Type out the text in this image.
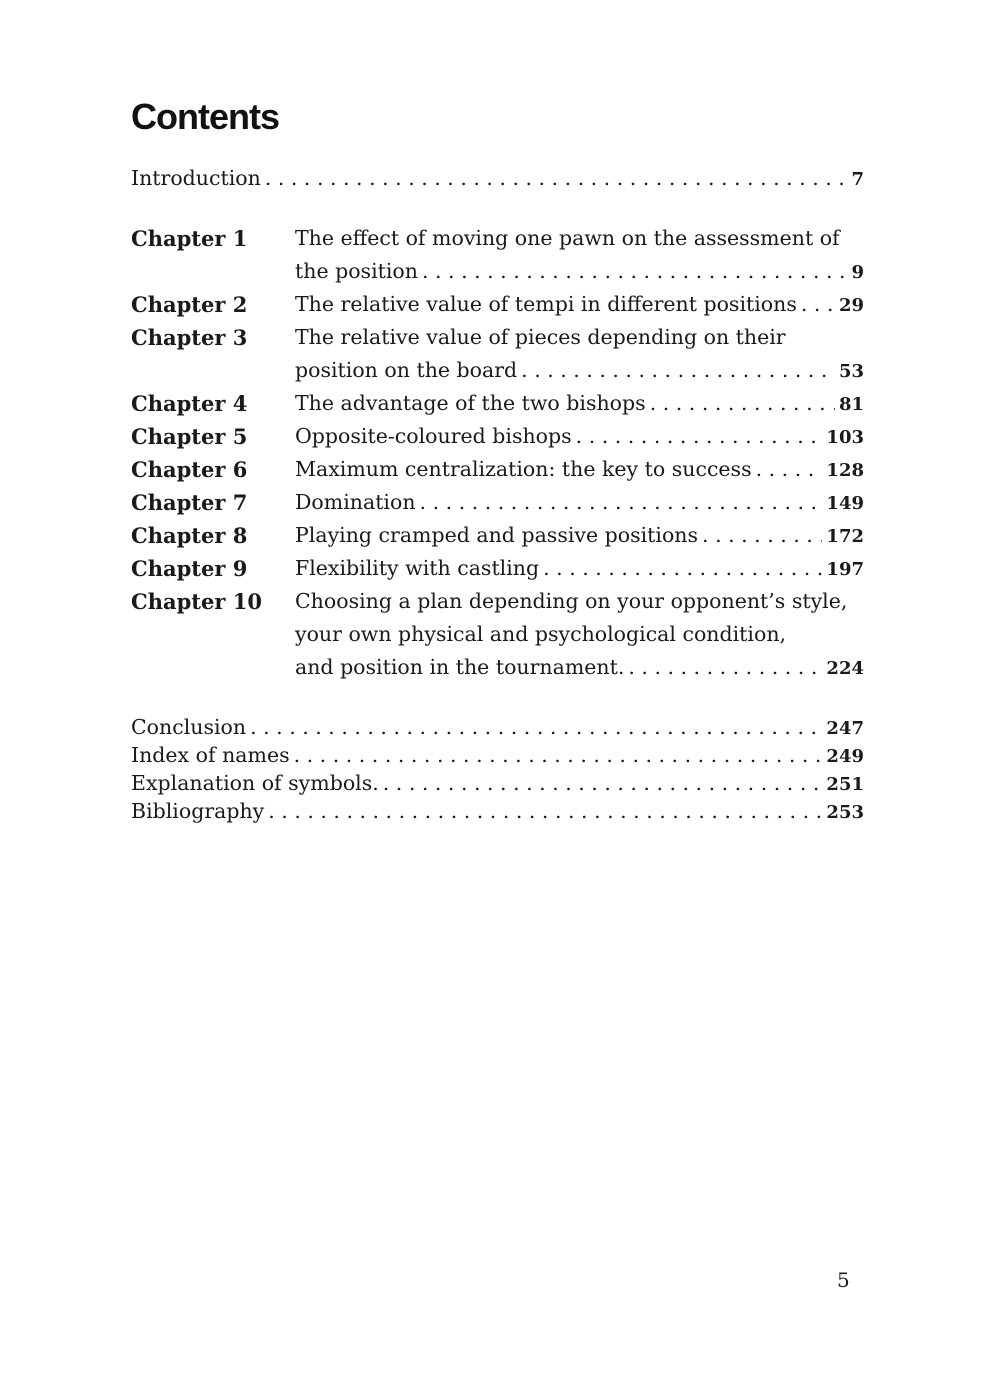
Contents
Introduction . . .	7
Chapter 1	The effect of moving one pawn on the assessment of
the position . . .	9
Chapter 2	The relative value of tempi in different positions . . . 29
Chapter 3	The relative value of pieces depending on their
position on the board . . .	53
Chapter 4	The advantage of the two bishops . . .	81
Chapter 5	Opposite-coloured bishops . . .	103
Chapter 6	Maximum centralization: the key to success . . .	128
Chapter 7	Domination . . .	149
Chapter 8	Playing cramped and passive positions . . .	172
Chapter 9	Flexibility with castling . . .	197
Chapter 10	Choosing a plan depending on your opponent’s style,
your own physical and psychological condition,
and position in the tournament. . . .	224
Conclusion . . .	247
Index of names . . .	249
Explanation of symbols. . . .	251
Bibliography . . .	253
5
